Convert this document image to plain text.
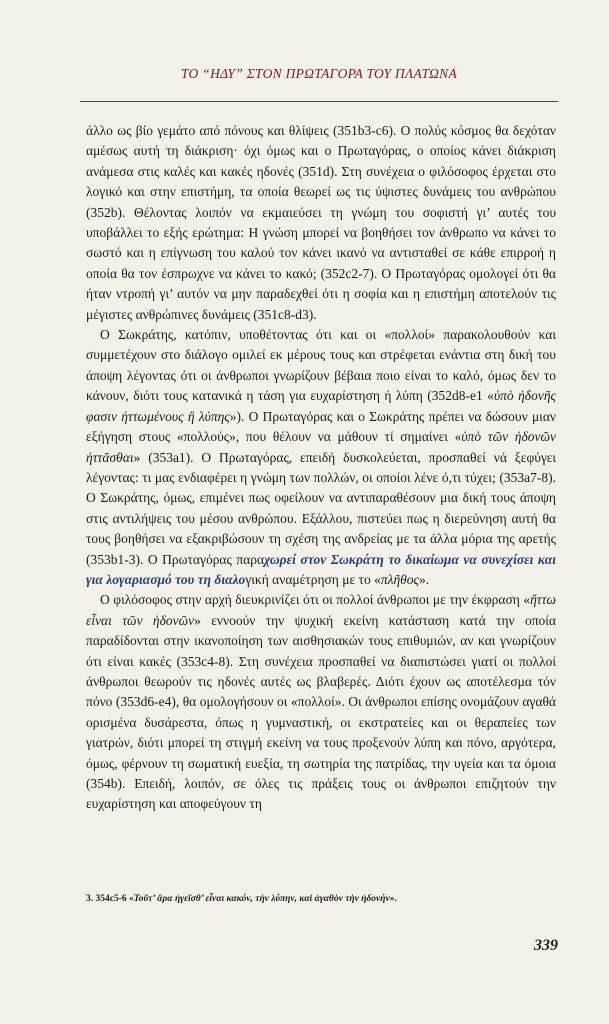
ΤΟ “ΗΔΥ” ΣΤΟΝ ΠΡΩΤΑΓΟΡΑ ΤΟΥ ΠΛΑΤΩΝΑ

άλλο ως βίο γεμάτο από πόνους και θλίψεις (351b3-c6). Ο πολύς κόσμος θα δεχόταν αμέσως αυτή τη διάκριση· όχι όμως και ο Πρωταγόρας, ο οποίος κάνει διάκριση ανάμεσα στις καλές και κακές ηδονές (351d). Στη συνέχεια ο φιλόσοφος έρχεται στο λογικό και στην επιστήμη, τα οποία θεωρεί ως τις ύψιστες δυνάμεις του ανθρώπου (352b). Θέλοντας λοιπόν να εκμαιεύσει τη γνώμη του σοφιστή γι’ αυτές του υποβάλλει το εξής ερώτημα: Η γνώση μπορεί να βοηθήσει τον άνθρωπο να κάνει το σωστό και η επίγνωση του καλού τον κάνει ικανό να αντισταθεί σε κάθε επιρροή η οποία θα τον έσπρωχνε να κάνει το κακό; (352c2-7). Ο Πρωταγόρας ομολογεί ότι θα ήταν ντροπή γι’ αυτόν να μην παραδεχθεί ότι η σοφία και η επιστήμη αποτελούν τις μέγιστες ανθρώπινες δυνάμεις (351c8-d3).

Ο Σωκράτης, κατόπιν, υποθέτοντας ότι και οι «πολλοί» παρακολουθούν και συμμετέχουν στο διάλογο ομιλεί εκ μέρους τους και στρέφεται ενάντια στη δική του άποψη λέγοντας ότι οι άνθρωποι γνωρίζουν βέβαια ποιο είναι το καλό, όμως δεν το κάνουν, διότι τους κατανικά η τάση για ευχαρίστηση ή λύπη (352d8-e1 «ὑπὸ ἡδονῆς φασιν ἡττωμένους ἢ λύπης»). Ο Πρωταγόρας και ο Σωκράτης πρέπει να δώσουν μιαν εξήγηση στους «πολλούς», που θέλουν να μάθουν τί σημαίνει «ὑπὸ τῶν ἡδονῶν ἡττᾶσθαι» (353a1). Ο Πρωταγόρας, επειδή δυσκολεύεται, προσπαθεί νά ξεφύγει λέγοντας: τι μας ενδιαφέρει η γνώμη των πολλών, οι οποίοι λένε ό,τι τύχει; (353a7-8). Ο Σωκράτης, όμως, επιμένει πως οφείλουν να αντιπαραθέσουν μια δική τους άποψη στις αντιλήψεις του μέσου ανθρώπου. Εξάλλου, πιστεύει πως η διερεύνηση αυτή θα τους βοηθήσει να εξακριβώσουν τη σχέση της ανδρείας με τα άλλα μόρια της αρετής (353b1-3). Ο Πρωταγόρας παραχωρεί στον Σωκράτη το δικαίωμα να συνεχίσει και για λογαριασμό του τη διαλογική αναμέτρηση με το «πλῆθος».

Ο φιλόσοφος στην αρχή διευκρινίζει ότι οι πολλοί άνθρωποι με την έκφραση «ἥττω εἶναι τῶν ἡδονῶν» εννοούν την ψυχική εκείνη κατάσταση κατά την οποία παραδίδονται στην ικανοποίηση των αισθησιακών τους επιθυμιών, αν και γνωρίζουν ότι είναι κακές (353c4-8). Στη συνέχεια προσπαθεί να διαπιστώσει γιατί οι πολλοί άνθρωποι θεωρούν τις ηδονές αυτές ως βλαβερές. Διότι έχουν ως αποτέλεσμα τόν πόνο (353d6-e4), θα ομολογήσουν οι «πολλοί». Οι άνθρωποι επίσης ονομάζουν αγαθά ορισμένα δυσάρεστα, όπως η γυμναστική, οι εκστρατείες και οι θεραπείες των γιατρών, διότι μπορεί τη στιγμή εκείνη να τους προξενούν λύπη και πόνο, αργότερα, όμως, φέρνουν τη σωματική ευεξία, τη σωτηρία της πατρίδας, την υγεία και τα όμοια (354b). Επειδή, λοιπόν, σε όλες τις πράξεις τους οι άνθρωποι επιζητούν την ευχαρίστηση και αποφεύγουν τη

3. 354c5-6 «Τοῦτ’ ἄρα ἡγεῖσθ’ εἶναι κακόν, τὴν λύπην, καὶ ἀγαθὸν τὴν ἡδονήν».
339
